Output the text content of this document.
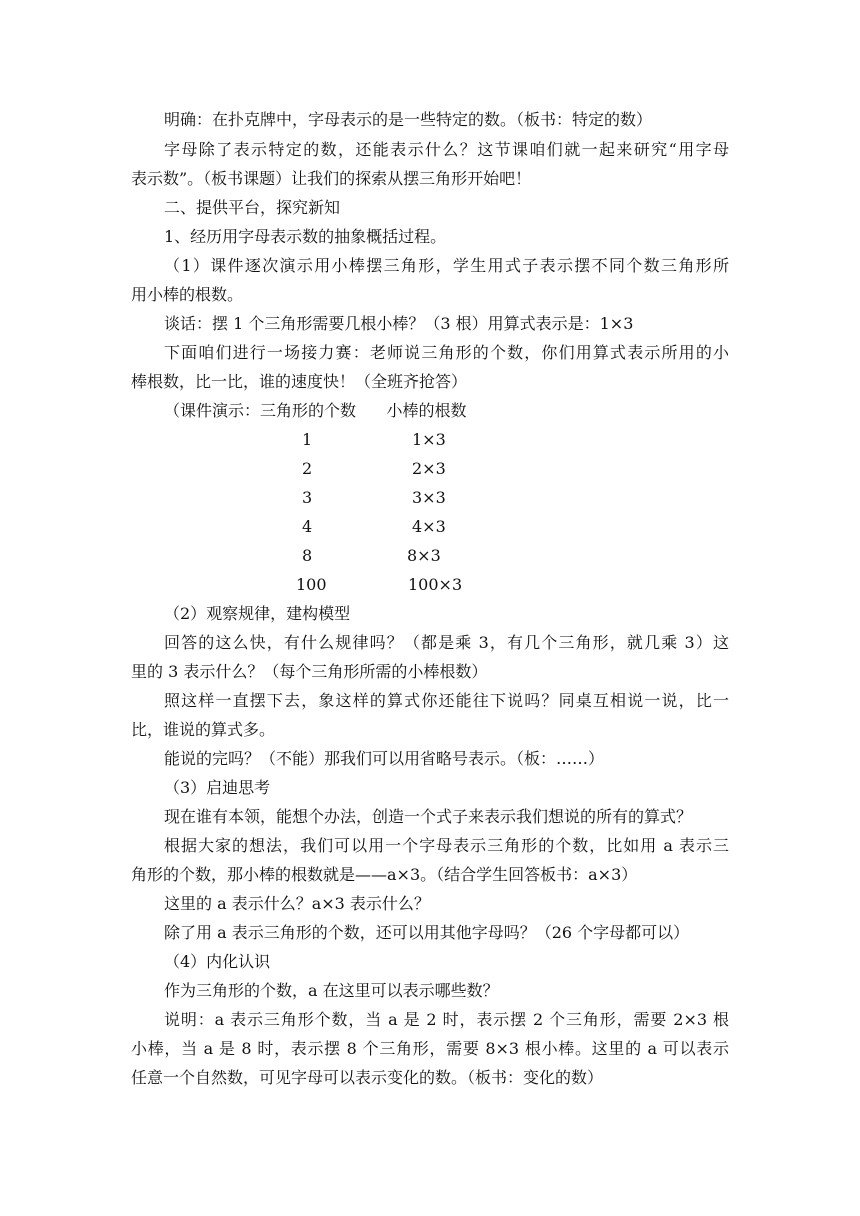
明确：在扑克牌中，字母表示的是一些特定的数。（板书：特定的数）
字母除了表示特定的数，还能表示什么？这节课咱们就一起来研究“用字母
表示数”。（板书课题）让我们的探索从摆三角形开始吧！
二、提供平台，探究新知
1、经历用字母表示数的抽象概括过程。
（1）课件逐次演示用小棒摆三角形，学生用式子表示摆不同个数三角形所
用小棒的根数。
谈话：摆 1 个三角形需要几根小棒？（3 根）用算式表示是：1×3
下面咱们进行一场接力赛：老师说三角形的个数，你们用算式表示所用的小
棒根数，比一比，谁的速度快！（全班齐抢答）
（课件演示：三角形的个数      小棒的根数
1	1×3
2	2×3
3	3×3
4	4×3
8	8×3
100	100×3
（2）观察规律，建构模型
回答的这么快，有什么规律吗？（都是乘 3，有几个三角形，就几乘 3）这
里的 3 表示什么？（每个三角形所需的小棒根数）
照这样一直摆下去，象这样的算式你还能往下说吗？同桌互相说一说，比一
比，谁说的算式多。
能说的完吗？（不能）那我们可以用省略号表示。（板：……）
（3）启迪思考
现在谁有本领，能想个办法，创造一个式子来表示我们想说的所有的算式？
根据大家的想法，我们可以用一个字母表示三角形的个数，比如用 a 表示三
角形的个数，那小棒的根数就是——a×3。（结合学生回答板书：a×3）
这里的 a 表示什么？a×3 表示什么？
除了用 a 表示三角形的个数，还可以用其他字母吗？（26 个字母都可以）
（4）内化认识
作为三角形的个数，a 在这里可以表示哪些数？
说明：a 表示三角形个数，当 a 是 2 时，表示摆 2 个三角形，需要 2×3 根
小棒，当 a 是 8 时，表示摆 8 个三角形，需要 8×3 根小棒。这里的 a 可以表示
任意一个自然数，可见字母可以表示变化的数。（板书：变化的数）
